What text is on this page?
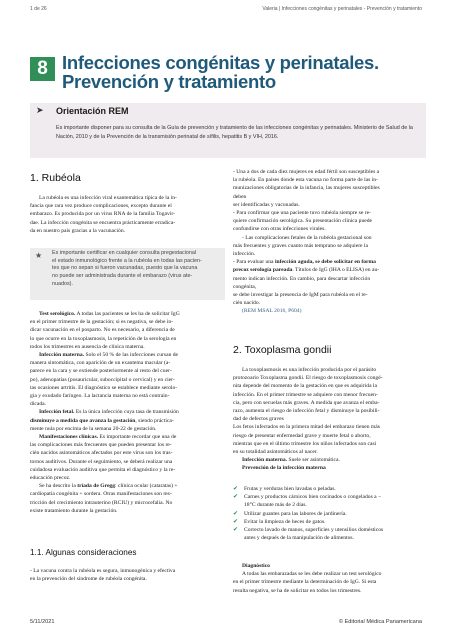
1 de 26	Valeria | Infecciones congénitas y perinatales - Prevención y tratamiento
8 Infecciones congénitas y perinatales.
Prevención y tratamiento
➤ Orientación REM
Es importante disponer para su consulta de la Guía de prevención y tratamiento de las infecciones congénitas y perinatales. Ministerio de Salud de la Nación, 2010 y de la Prevención de la transmisión perinatal de sífilis, hepatitis B y VIH, 2016.
1. Rubéola

La rubéola es una infección viral exantemática típica de la in-

fancia que rara vez produce complicaciones, excepto durante el

embarazo. Es producida por un virus RNA de la familia Togavir-

dae. La infección congénita se encuentra prácticamente erradica-

da en nuestro país gracias a la vacunación.

★ Es importante certificar en cualquier consulta pregestacional
el estado inmunológico frente a la rubéola en todas las pacien-
tes que no sepan si fueron vacunadas, puesto que la vacuna
no puede ser administrada durante el embarazo (virus ate-
nuados).

Test serológico. A todas las pacientes se les ha de solicitar IgG

en el primer trimestre de la gestación; si es negativa, se debe in-

dicar vacunación en el posparto. No es necesario, a diferencia de

lo que ocurre en la toxoplasmosis, la repetición de la serología en

todos los trimestres en ausencia de clínica materna.

Infección materna. Solo el 50 % de las infecciones cursan de

manera sintomática, con aparición de un exantema macular (a-

parece en la cara y se extiende posteriormente al resto del cuer-

po), adenopatías (posauricular, suboccipital o cervical) y en cier-

tas ocasiones artritis. El diagnóstico se establece mediante serolo-

gía y exudado faríngeo. La lactancia materna no está contrain-

dicada.

Infección fetal. Es la única infección cuya tasa de transmisión

disminuye a medida que avanza la gestación, siendo práctica-

mente nula por encima de la semana 20-22 de gestación.

Manifestaciones clínicas. Es importante recordar que una de

las complicaciones más frecuentes que pueden presentar los re-

cién nacidos asintomáticos afectados por este virus son los tras-

tornos auditivos. Durante el seguimiento, se deberá realizar una

cuidadosa evaluación auditiva que permita el diagnóstico y la re-

educación precoz.

Se ha descrito la tríada de Gregg: clínica ocular (cataratas) +

cardiopatía congénita + sordera. Otras manifestaciones son res-

tricción del crecimiento intrauterino (RCIU) y microcefalia. No

existe tratamiento durante la gestación.

1.1. Algunas consideraciones

- La vacuna contra la rubéola es segura, inmunogénica y efectiva

en la prevención del síndrome de rubéola congénita.

- Una a dos de cada diez mujeres en edad fértil son susceptibles a

la rubéola. En países donde esta vacuna no forma parte de las in-

munizaciones obligatorias de la infancia, las mujeres susceptibles

deben

ser identificadas y vacunadas.

- Para confirmar que una paciente tuvo rubéola siempre se re-

quiere confirmación serológica. Su presentación clínica puede

confundirse con otras infecciones virales.

- Las complicaciones fetales de la rubéola gestacional son

más frecuentes y graves cuanto más temprano se adquiere la

infección.

- Para evaluar una infección aguda, se debe solicitar en forma

precoz serología pareada. Títulos de IgG (IHA o ELISA) en au-

mento indican infección. En cambio, para descartar infección

congénita,

se debe investigar la presencia de IgM para rubéola en el re-

cién nacido.

(REM MSAL 2016, P604)

2. Toxoplasma gondii

La toxoplasmosis es una infección producida por el parásito

protozoario Toxoplasma gondii. El riesgo de toxoplasmosis congé-

nita depende del momento de la gestación en que es adquirida la

infección. En el primer trimestre se adquiere con menor frecuen-

cia, pero con secuelas más graves. A medida que avanza el emba-

razo, aumenta el riesgo de infección fetal y disminuye la posibili-

dad de defectos graves

Los fetos infectados en la primera mitad del embarazo tienen más

riesgo de presentar enfermedad grave y muerte fetal o aborto,

mientras que en el último trimestre los niños infectados son casi

en su totalidad asintomáticos al nacer.

Infección materna. Suele ser asintomática.

Prevención de la infección materna

✔ Frutas y verduras bien lavadas o peladas.
✔ Carnes y productos cárnicos bien cocinados o congelados a −
18°C durante más de 2 días.
✔ Utilizar guantes para las labores de jardinería.
✔ Evitar la limpieza de heces de gatos.
✔ Correcto lavado de manos, superficies y utensilios domésticos
antes y después de la manipulación de alimentos.

Diagnóstico

A todas las embarazadas se les debe realizar un test serológico

en el primer trimestre mediante la determinación de IgG. Si esta

resulta negativa, se ha de solicitar en todos los trimestres.

5/11/2021	© Editorial Médica Panamericana
